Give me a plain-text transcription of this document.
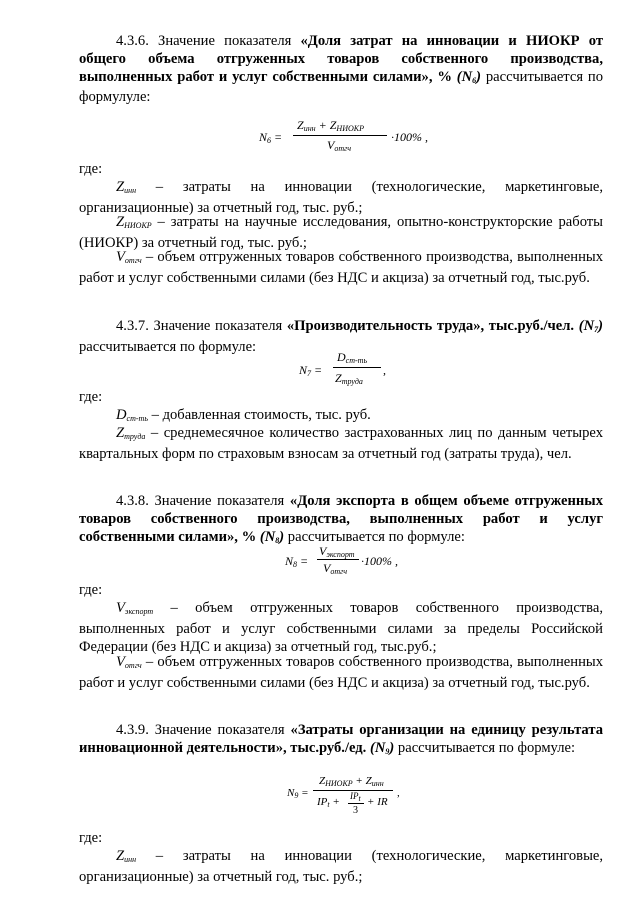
4.3.6. Значение показателя «Доля затрат на инновации и НИОКР от общего объема отгруженных товаров собственного производства, выполненных работ и услуг собственными силами», % $(N_6)$ рассчитывается по формулуле:

$N_6$ =
$Z_{инн} + Z_{НИОКР}$
$V_{отгч}$
·100% ,
где:

$Z_{инн}$ – затраты на инновации (технологические, маркетинговые, организационные) за отчетный год, тыс. руб.;

$Z_{НИОКР}$ – затраты на научные исследования, опытно-конструкторские работы (НИОКР) за отчетный год, тыс. руб.;

$V_{отгч}$ – объем отгруженных товаров собственного производства, выполненных работ и услуг собственными силами (без НДС и акциза) за отчетный год, тыс.руб.

4.3.7. Значение показателя «Производительность труда», тыс.руб./чел. $(N_7)$ рассчитывается по формуле:

$N_7$ =
$D_{ст-ть}$
$Z_{труда}$
,
где:

$D_{ст-ть}$ – добавленная стоимость, тыс. руб.

$Z_{труда}$ – среднемесячное количество застрахованных лиц по данным четырех квартальных форм по страховым взносам за отчетный год (затраты труда), чел.

4.3.8. Значение показателя «Доля экспорта в общем объеме отгруженных товаров собственного производства, выполненных работ и услуг собственными силами», % $(N_8)$ рассчитывается по формуле:

$N_8$ =
$V_{экспорт}$
$V_{отгч}$
·100% ,
где:

$V_{экспорт}$ – объем отгруженных товаров собственного производства, выполненных работ и услуг собственными силами за пределы Российской Федерации (без НДС и акциза) за отчетный год, тыс.руб.;

$V_{отгч}$ – объем отгруженных товаров собственного производства, выполненных работ и услуг собственными силами (без НДС и акциза) за отчетный год, тыс.руб.

4.3.9. Значение показателя «Затраты организации на единицу результата инновационной деятельности», тыс.руб./ед. $(N_9)$ рассчитывается по формуле:

$N_9$ =
$Z_{НИОКР} + Z_{инн}$
$IP_t + IP_t$
3
+ IR
,
где:

$Z_{инн}$ – затраты на инновации (технологические, маркетинговые, организационные) за отчетный год, тыс. руб.;
